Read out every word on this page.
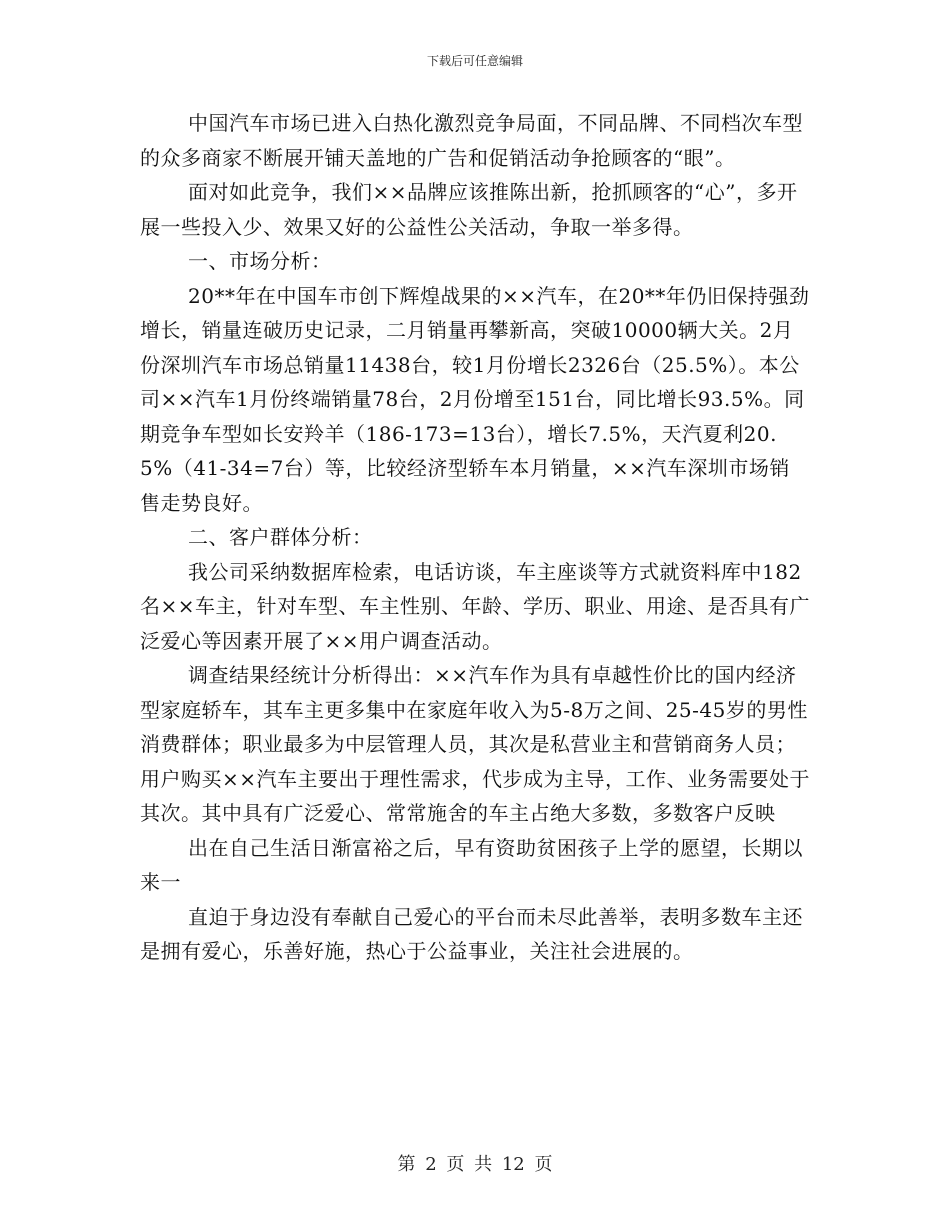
下载后可任意编辑

中国汽车市场已进入白热化激烈竞争局面，不同品牌、不同档次车型的众多商家不断展开铺天盖地的广告和促销活动争抢顾客的“眼”。

面对如此竞争，我们××品牌应该推陈出新，抢抓顾客的“心”，多开展一些投入少、效果又好的公益性公关活动，争取一举多得。

一、市场分析：

20**年在中国车市创下辉煌战果的××汽车，在20**年仍旧保持强劲增长，销量连破历史记录，二月销量再攀新高，突破10000辆大关。2月份深圳汽车市场总销量11438台，较1月份增长2326台（25.5%）。本公司××汽车1月份终端销量78台，2月份增至151台，同比增长93.5%。同期竞争车型如长安羚羊（186-173=13台），增长7.5%，天汽夏利20.5%（41-34=7台）等，比较经济型轿车本月销量，××汽车深圳市场销售走势良好。

二、客户群体分析：

我公司采纳数据库检索，电话访谈，车主座谈等方式就资料库中182名××车主，针对车型、车主性别、年龄、学历、职业、用途、是否具有广泛爱心等因素开展了××用户调查活动。

调查结果经统计分析得出：××汽车作为具有卓越性价比的国内经济型家庭轿车，其车主更多集中在家庭年收入为5-8万之间、25-45岁的男性消费群体；职业最多为中层管理人员，其次是私营业主和营销商务人员；用户购买××汽车主要出于理性需求，代步成为主导，工作、业务需要处于其次。其中具有广泛爱心、常常施舍的车主占绝大多数，多数客户反映

出在自己生活日渐富裕之后，早有资助贫困孩子上学的愿望，长期以来一

直迫于身边没有奉献自己爱心的平台而未尽此善举，表明多数车主还是拥有爱心，乐善好施，热心于公益事业，关注社会进展的。

第 2 页 共 12 页
